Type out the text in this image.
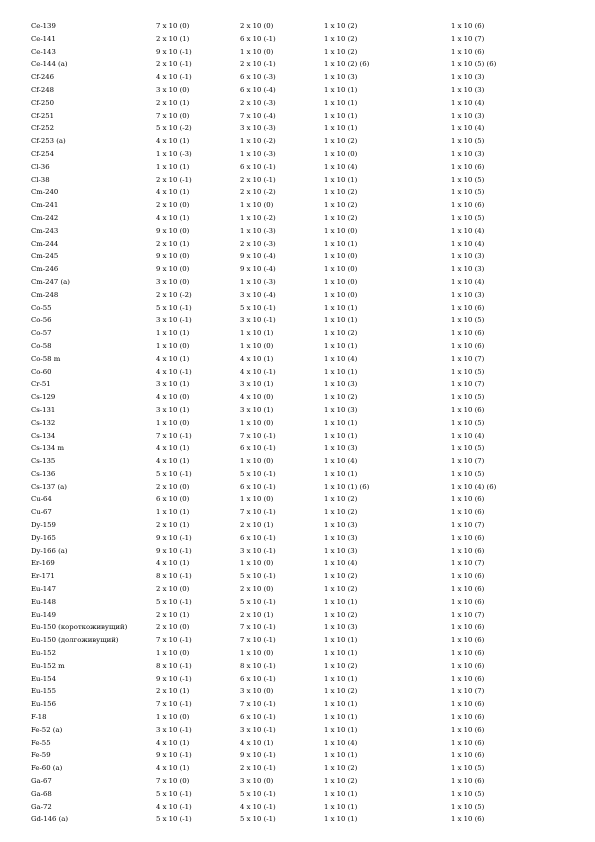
Ce-139	7 x 10 (0)	2 x 10 (0)	1 x 10 (2)	1 x 10 (6)
Ce-141	2 x 10 (1)	6 x 10 (-1)	1 x 10 (2)	1 x 10 (7)
Ce-143	9 x 10 (-1)	1 x 10 (0)	1 x 10 (2)	1 x 10 (6)
Ce-144 (a)	2 x 10 (-1)	2 x 10 (-1)	1 x 10 (2) (6)	1 x 10 (5) (6)
Cf-246	4 x 10 (-1)	6 x 10 (-3)	1 x 10 (3)	1 x 10 (3)
Cf-248	3 x 10 (0)	6 x 10 (-4)	1 x 10 (1)	1 x 10 (3)
Cf-250	2 x 10 (1)	2 x 10 (-3)	1 x 10 (1)	1 x 10 (4)
Cf-251	7 x 10 (0)	7 x 10 (-4)	1 x 10 (1)	1 x 10 (3)
Cf-252	5 x 10 (-2)	3 x 10 (-3)	1 x 10 (1)	1 x 10 (4)
Cf-253 (a)	4 x 10 (1)	1 x 10 (-2)	1 x 10 (2)	1 x 10 (5)
Cf-254	1 x 10 (-3)	1 x 10 (-3)	1 x 10 (0)	1 x 10 (3)
Cl-36	1 x 10 (1)	6 x 10 (-1)	1 x 10 (4)	1 x 10 (6)
Cl-38	2 x 10 (-1)	2 x 10 (-1)	1 x 10 (1)	1 x 10 (5)
Cm-240	4 x 10 (1)	2 x 10 (-2)	1 x 10 (2)	1 x 10 (5)
Cm-241	2 x 10 (0)	1 x 10 (0)	1 x 10 (2)	1 x 10 (6)
Cm-242	4 x 10 (1)	1 x 10 (-2)	1 x 10 (2)	1 x 10 (5)
Cm-243	9 x 10 (0)	1 x 10 (-3)	1 x 10 (0)	1 x 10 (4)
Cm-244	2 x 10 (1)	2 x 10 (-3)	1 x 10 (1)	1 x 10 (4)
Cm-245	9 x 10 (0)	9 x 10 (-4)	1 x 10 (0)	1 x 10 (3)
Cm-246	9 x 10 (0)	9 x 10 (-4)	1 x 10 (0)	1 x 10 (3)
Cm-247 (a)	3 x 10 (0)	1 x 10 (-3)	1 x 10 (0)	1 x 10 (4)
Cm-248	2 x 10 (-2)	3 x 10 (-4)	1 x 10 (0)	1 x 10 (3)
Co-55	5 x 10 (-1)	5 x 10 (-1)	1 x 10 (1)	1 x 10 (6)
Co-56	3 x 10 (-1)	3 x 10 (-1)	1 x 10 (1)	1 x 10 (5)
Co-57	1 x 10 (1)	1 x 10 (1)	1 x 10 (2)	1 x 10 (6)
Co-58	1 x 10 (0)	1 x 10 (0)	1 x 10 (1)	1 x 10 (6)
Co-58 m	4 x 10 (1)	4 x 10 (1)	1 x 10 (4)	1 x 10 (7)
Co-60	4 x 10 (-1)	4 x 10 (-1)	1 x 10 (1)	1 x 10 (5)
Cr-51	3 x 10 (1)	3 x 10 (1)	1 x 10 (3)	1 x 10 (7)
Cs-129	4 x 10 (0)	4 x 10 (0)	1 x 10 (2)	1 x 10 (5)
Cs-131	3 x 10 (1)	3 x 10 (1)	1 x 10 (3)	1 x 10 (6)
Cs-132	1 x 10 (0)	1 x 10 (0)	1 x 10 (1)	1 x 10 (5)
Cs-134	7 x 10 (-1)	7 x 10 (-1)	1 x 10 (1)	1 x 10 (4)
Cs-134 m	4 x 10 (1)	6 x 10 (-1)	1 x 10 (3)	1 x 10 (5)
Cs-135	4 x 10 (1)	1 x 10 (0)	1 x 10 (4)	1 x 10 (7)
Cs-136	5 x 10 (-1)	5 x 10 (-1)	1 x 10 (1)	1 x 10 (5)
Cs-137 (a)	2 x 10 (0)	6 x 10 (-1)	1 x 10 (1) (6)	1 x 10 (4) (6)
Cu-64	6 x 10 (0)	1 x 10 (0)	1 x 10 (2)	1 x 10 (6)
Cu-67	1 x 10 (1)	7 x 10 (-1)	1 x 10 (2)	1 x 10 (6)
Dy-159	2 x 10 (1)	2 x 10 (1)	1 x 10 (3)	1 x 10 (7)
Dy-165	9 x 10 (-1)	6 x 10 (-1)	1 x 10 (3)	1 x 10 (6)
Dy-166 (a)	9 x 10 (-1)	3 x 10 (-1)	1 x 10 (3)	1 x 10 (6)
Er-169	4 x 10 (1)	1 x 10 (0)	1 x 10 (4)	1 x 10 (7)
Er-171	8 x 10 (-1)	5 x 10 (-1)	1 x 10 (2)	1 x 10 (6)
Eu-147	2 x 10 (0)	2 x 10 (0)	1 x 10 (2)	1 x 10 (6)
Eu-148	5 x 10 (-1)	5 x 10 (-1)	1 x 10 (1)	1 x 10 (6)
Eu-149	2 x 10 (1)	2 x 10 (1)	1 x 10 (2)	1 x 10 (7)
Eu-150 (короткоживущий)	2 x 10 (0)	7 x 10 (-1)	1 x 10 (3)	1 x 10 (6)
Eu-150 (долгоживущий)	7 x 10 (-1)	7 x 10 (-1)	1 x 10 (1)	1 x 10 (6)
Eu-152	1 x 10 (0)	1 x 10 (0)	1 x 10 (1)	1 x 10 (6)
Eu-152 m	8 x 10 (-1)	8 x 10 (-1)	1 x 10 (2)	1 x 10 (6)
Eu-154	9 x 10 (-1)	6 x 10 (-1)	1 x 10 (1)	1 x 10 (6)
Eu-155	2 x 10 (1)	3 x 10 (0)	1 x 10 (2)	1 x 10 (7)
Eu-156	7 x 10 (-1)	7 x 10 (-1)	1 x 10 (1)	1 x 10 (6)
F-18	1 x 10 (0)	6 x 10 (-1)	1 x 10 (1)	1 x 10 (6)
Fe-52 (a)	3 x 10 (-1)	3 x 10 (-1)	1 x 10 (1)	1 x 10 (6)
Fe-55	4 x 10 (1)	4 x 10 (1)	1 x 10 (4)	1 x 10 (6)
Fe-59	9 x 10 (-1)	9 x 10 (-1)	1 x 10 (1)	1 x 10 (6)
Fe-60 (a)	4 x 10 (1)	2 x 10 (-1)	1 x 10 (2)	1 x 10 (5)
Ga-67	7 x 10 (0)	3 x 10 (0)	1 x 10 (2)	1 x 10 (6)
Ga-68	5 x 10 (-1)	5 x 10 (-1)	1 x 10 (1)	1 x 10 (5)
Ga-72	4 x 10 (-1)	4 x 10 (-1)	1 x 10 (1)	1 x 10 (5)
Gd-146 (a)	5 x 10 (-1)	5 x 10 (-1)	1 x 10 (1)	1 x 10 (6)
